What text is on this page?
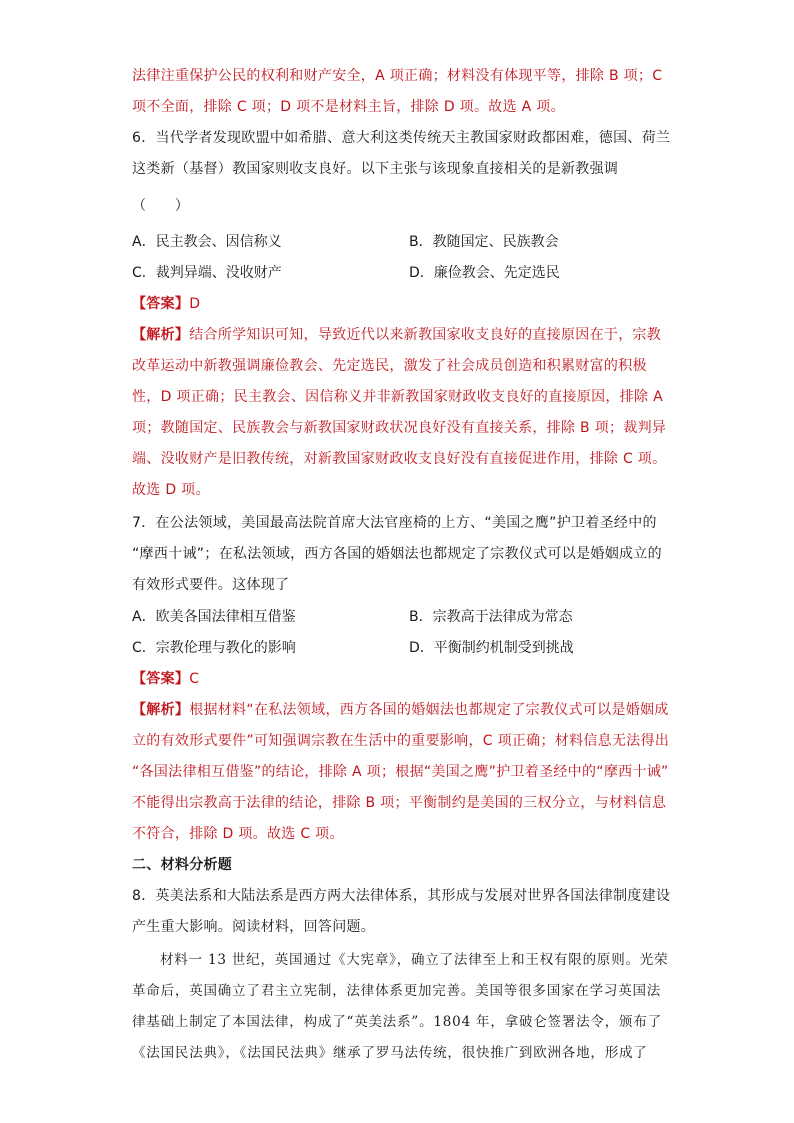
法律注重保护公民的权利和财产安全，A 项正确；材料没有体现平等，排除 B 项；C
项不全面，排除 C 项；D 项不是材料主旨，排除 D 项。故选 A 项。
6．当代学者发现欧盟中如希腊、意大利这类传统天主教国家财政都困难，德国、荷兰
这类新（基督）教国家则收支良好。以下主张与该现象直接相关的是新教强调
（　　）
A．民主教会、因信称义	B．教随国定、民族教会
C．裁判异端、没收财产	D．廉俭教会、先定选民
【答案】D
【解析】结合所学知识可知，导致近代以来新教国家收支良好的直接原因在于，宗教
改革运动中新教强调廉俭教会、先定选民，激发了社会成员创造和积累财富的积极
性，D 项正确；民主教会、因信称义并非新教国家财政收支良好的直接原因，排除 A
项；教随国定、民族教会与新教国家财政状况良好没有直接关系，排除 B 项；裁判异
端、没收财产是旧教传统，对新教国家财政收支良好没有直接促进作用，排除 C 项。
故选 D 项。
7．在公法领域，美国最高法院首席大法官座椅的上方、“美国之鹰”护卫着圣经中的
“摩西十诫”；在私法领域，西方各国的婚姻法也都规定了宗教仪式可以是婚姻成立的
有效形式要件。这体现了
A．欧美各国法律相互借鉴	B．宗教高于法律成为常态
C．宗教伦理与教化的影响	D．平衡制约机制受到挑战
【答案】C
【解析】根据材料“在私法领域，西方各国的婚姻法也都规定了宗教仪式可以是婚姻成
立的有效形式要件”可知强调宗教在生活中的重要影响，C 项正确；材料信息无法得出
“各国法律相互借鉴”的结论，排除 A 项；根据“美国之鹰”护卫着圣经中的“摩西十诫”
不能得出宗教高于法律的结论，排除 B 项；平衡制约是美国的三权分立，与材料信息
不符合，排除 D 项。故选 C 项。
二、材料分析题
8．英美法系和大陆法系是西方两大法律体系，其形成与发展对世界各国法律制度建设
产生重大影响。阅读材料，回答问题。
材料一 13 世纪，英国通过《大宪章》，确立了法律至上和王权有限的原则。光荣
革命后，英国确立了君主立宪制，法律体系更加完善。美国等很多国家在学习英国法
律基础上制定了本国法律，构成了“英美法系”。1804 年，拿破仑签署法令，颁布了
《法国民法典》，《法国民法典》继承了罗马法传统，很快推广到欧洲各地，形成了
